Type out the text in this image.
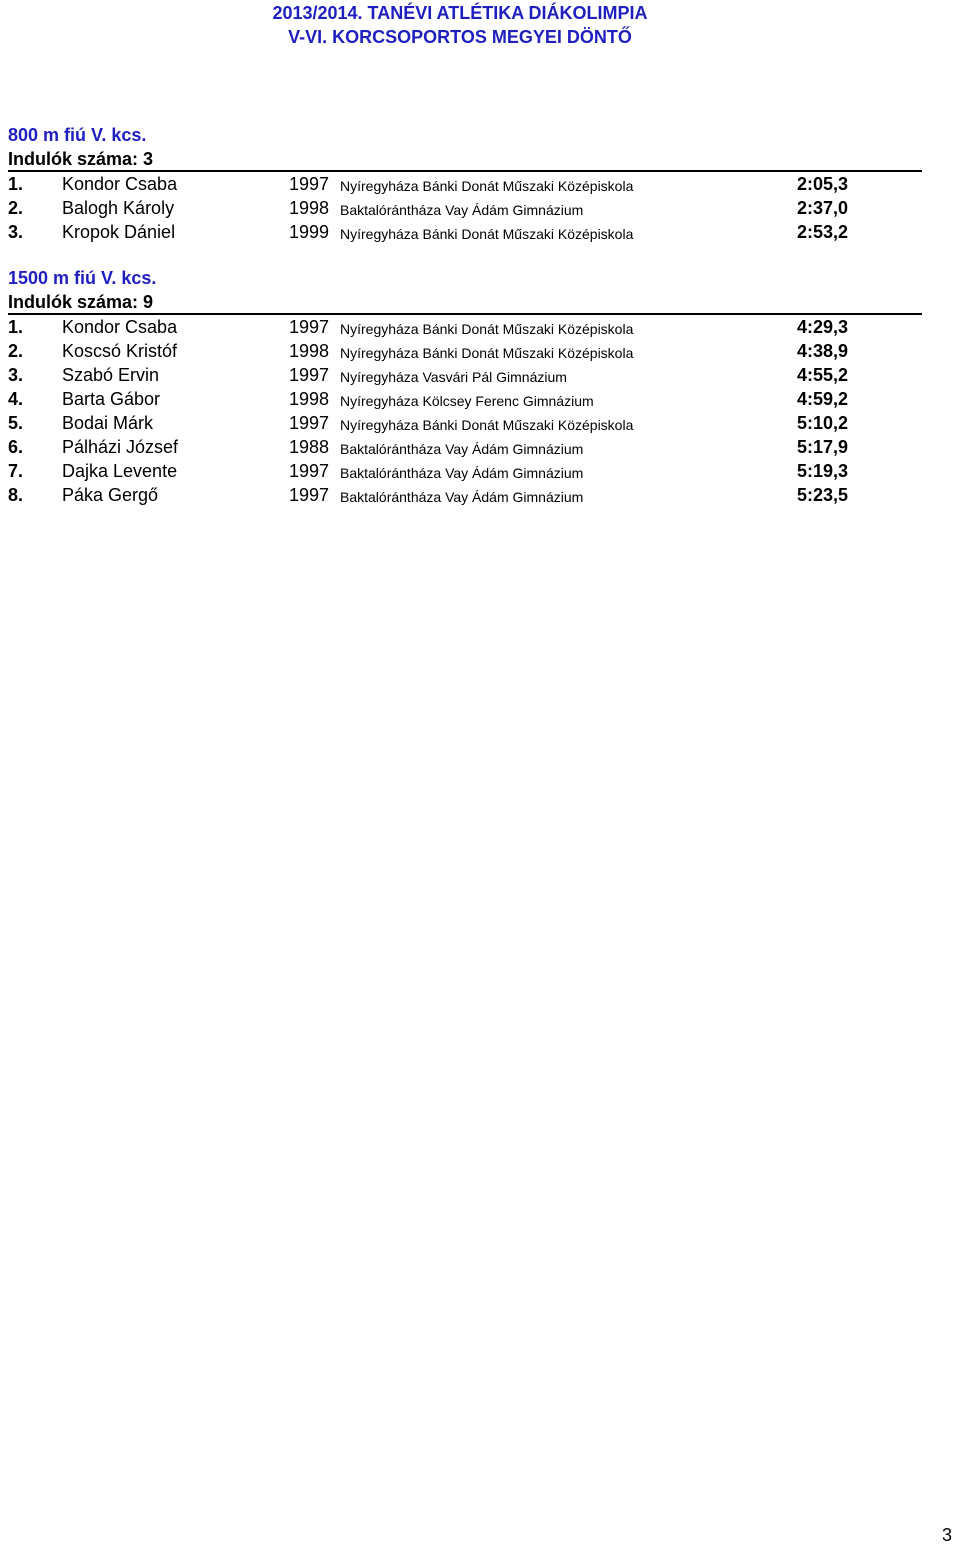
2013/2014. TANÉVI ATLÉTIKA DIÁKOLIMPIA
V-VI. KORCSOPORTOS MEGYEI DÖNTŐ
800 m fiú V. kcs.
Indulók száma: 3
1. Kondor Csaba	1997 Nyíregyháza Bánki Donát Műszaki Középiskola	2:05,3
2. Balogh Károly	1998 Baktalórántháza Vay Ádám Gimnázium	2:37,0
3. Kropok Dániel	1999 Nyíregyháza Bánki Donát Műszaki Középiskola	2:53,2
1500 m fiú V. kcs.
Indulók száma: 9
1. Kondor Csaba	1997 Nyíregyháza Bánki Donát Műszaki Középiskola	4:29,3
2. Koscsó Kristóf	1998 Nyíregyháza Bánki Donát Műszaki Középiskola	4:38,9
3. Szabó Ervin	1997 Nyíregyháza Vasvári Pál Gimnázium	4:55,2
4. Barta Gábor	1998 Nyíregyháza Kölcsey Ferenc Gimnázium	4:59,2
5. Bodai Márk	1997 Nyíregyháza Bánki Donát Műszaki Középiskola	5:10,2
6. Pálházi József	1988 Baktalórántháza Vay Ádám Gimnázium	5:17,9
7. Dajka Levente	1997 Baktalórántháza Vay Ádám Gimnázium	5:19,3
8. Páka Gergő	1997 Baktalórántháza Vay Ádám Gimnázium	5:23,5
3
